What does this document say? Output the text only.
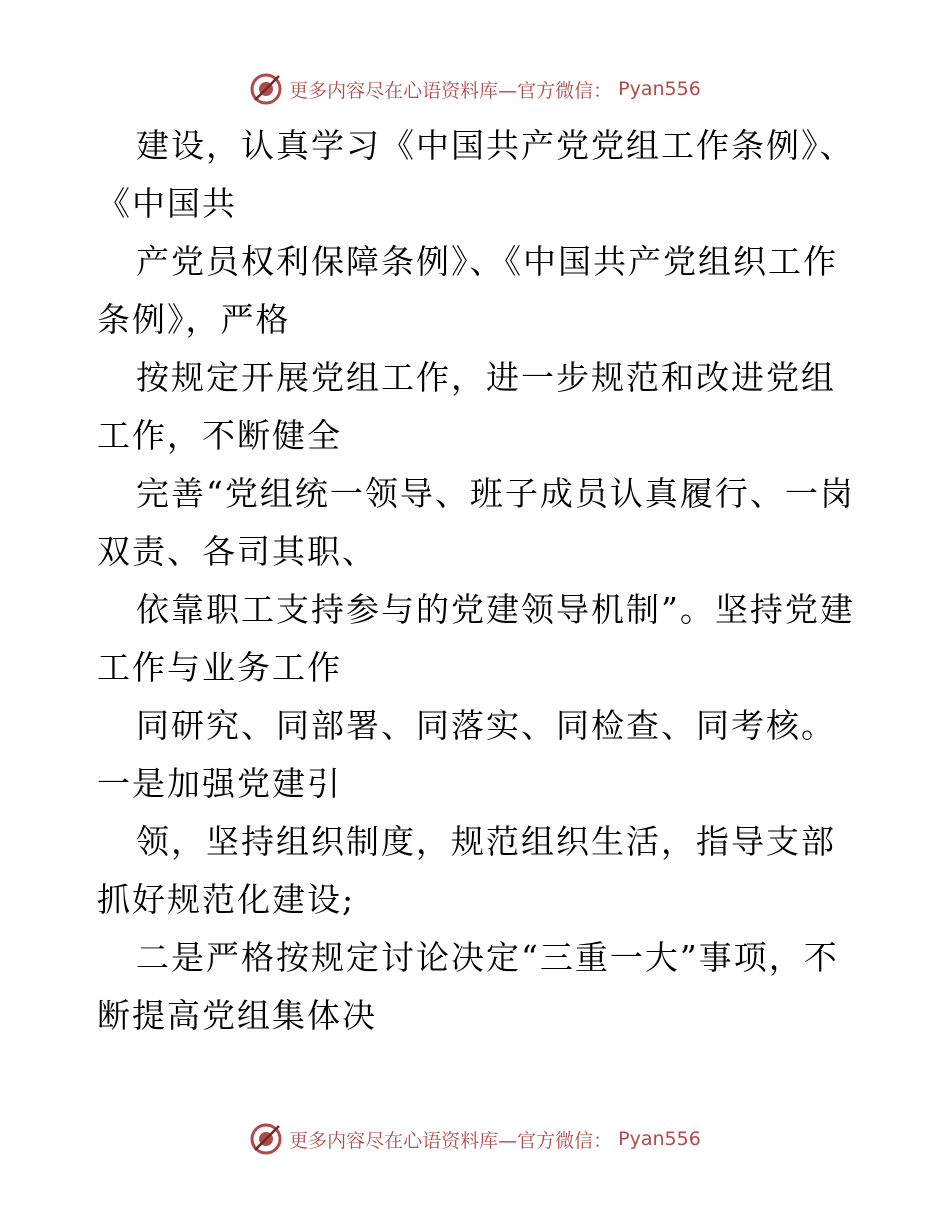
更多内容尽在心语资料库—官方微信： Pyan556

建设，认真学习《中国共产党党组工作条例》、《中国共

产党员权利保障条例》、《中国共产党组织工作条例》，严格

按规定开展党组工作，进一步规范和改进党组工作，不断健全

完善“党组统一领导、班子成员认真履行、一岗双责、各司其职、

依靠职工支持参与的党建领导机制”。坚持党建工作与业务工作

同研究、同部署、同落实、同检查、同考核。一是加强党建引

领，坚持组织制度，规范组织生活，指导支部抓好规范化建设;

二是严格按规定讨论决定“三重一大”事项，不断提高党组集体决

更多内容尽在心语资料库—官方微信： Pyan556
